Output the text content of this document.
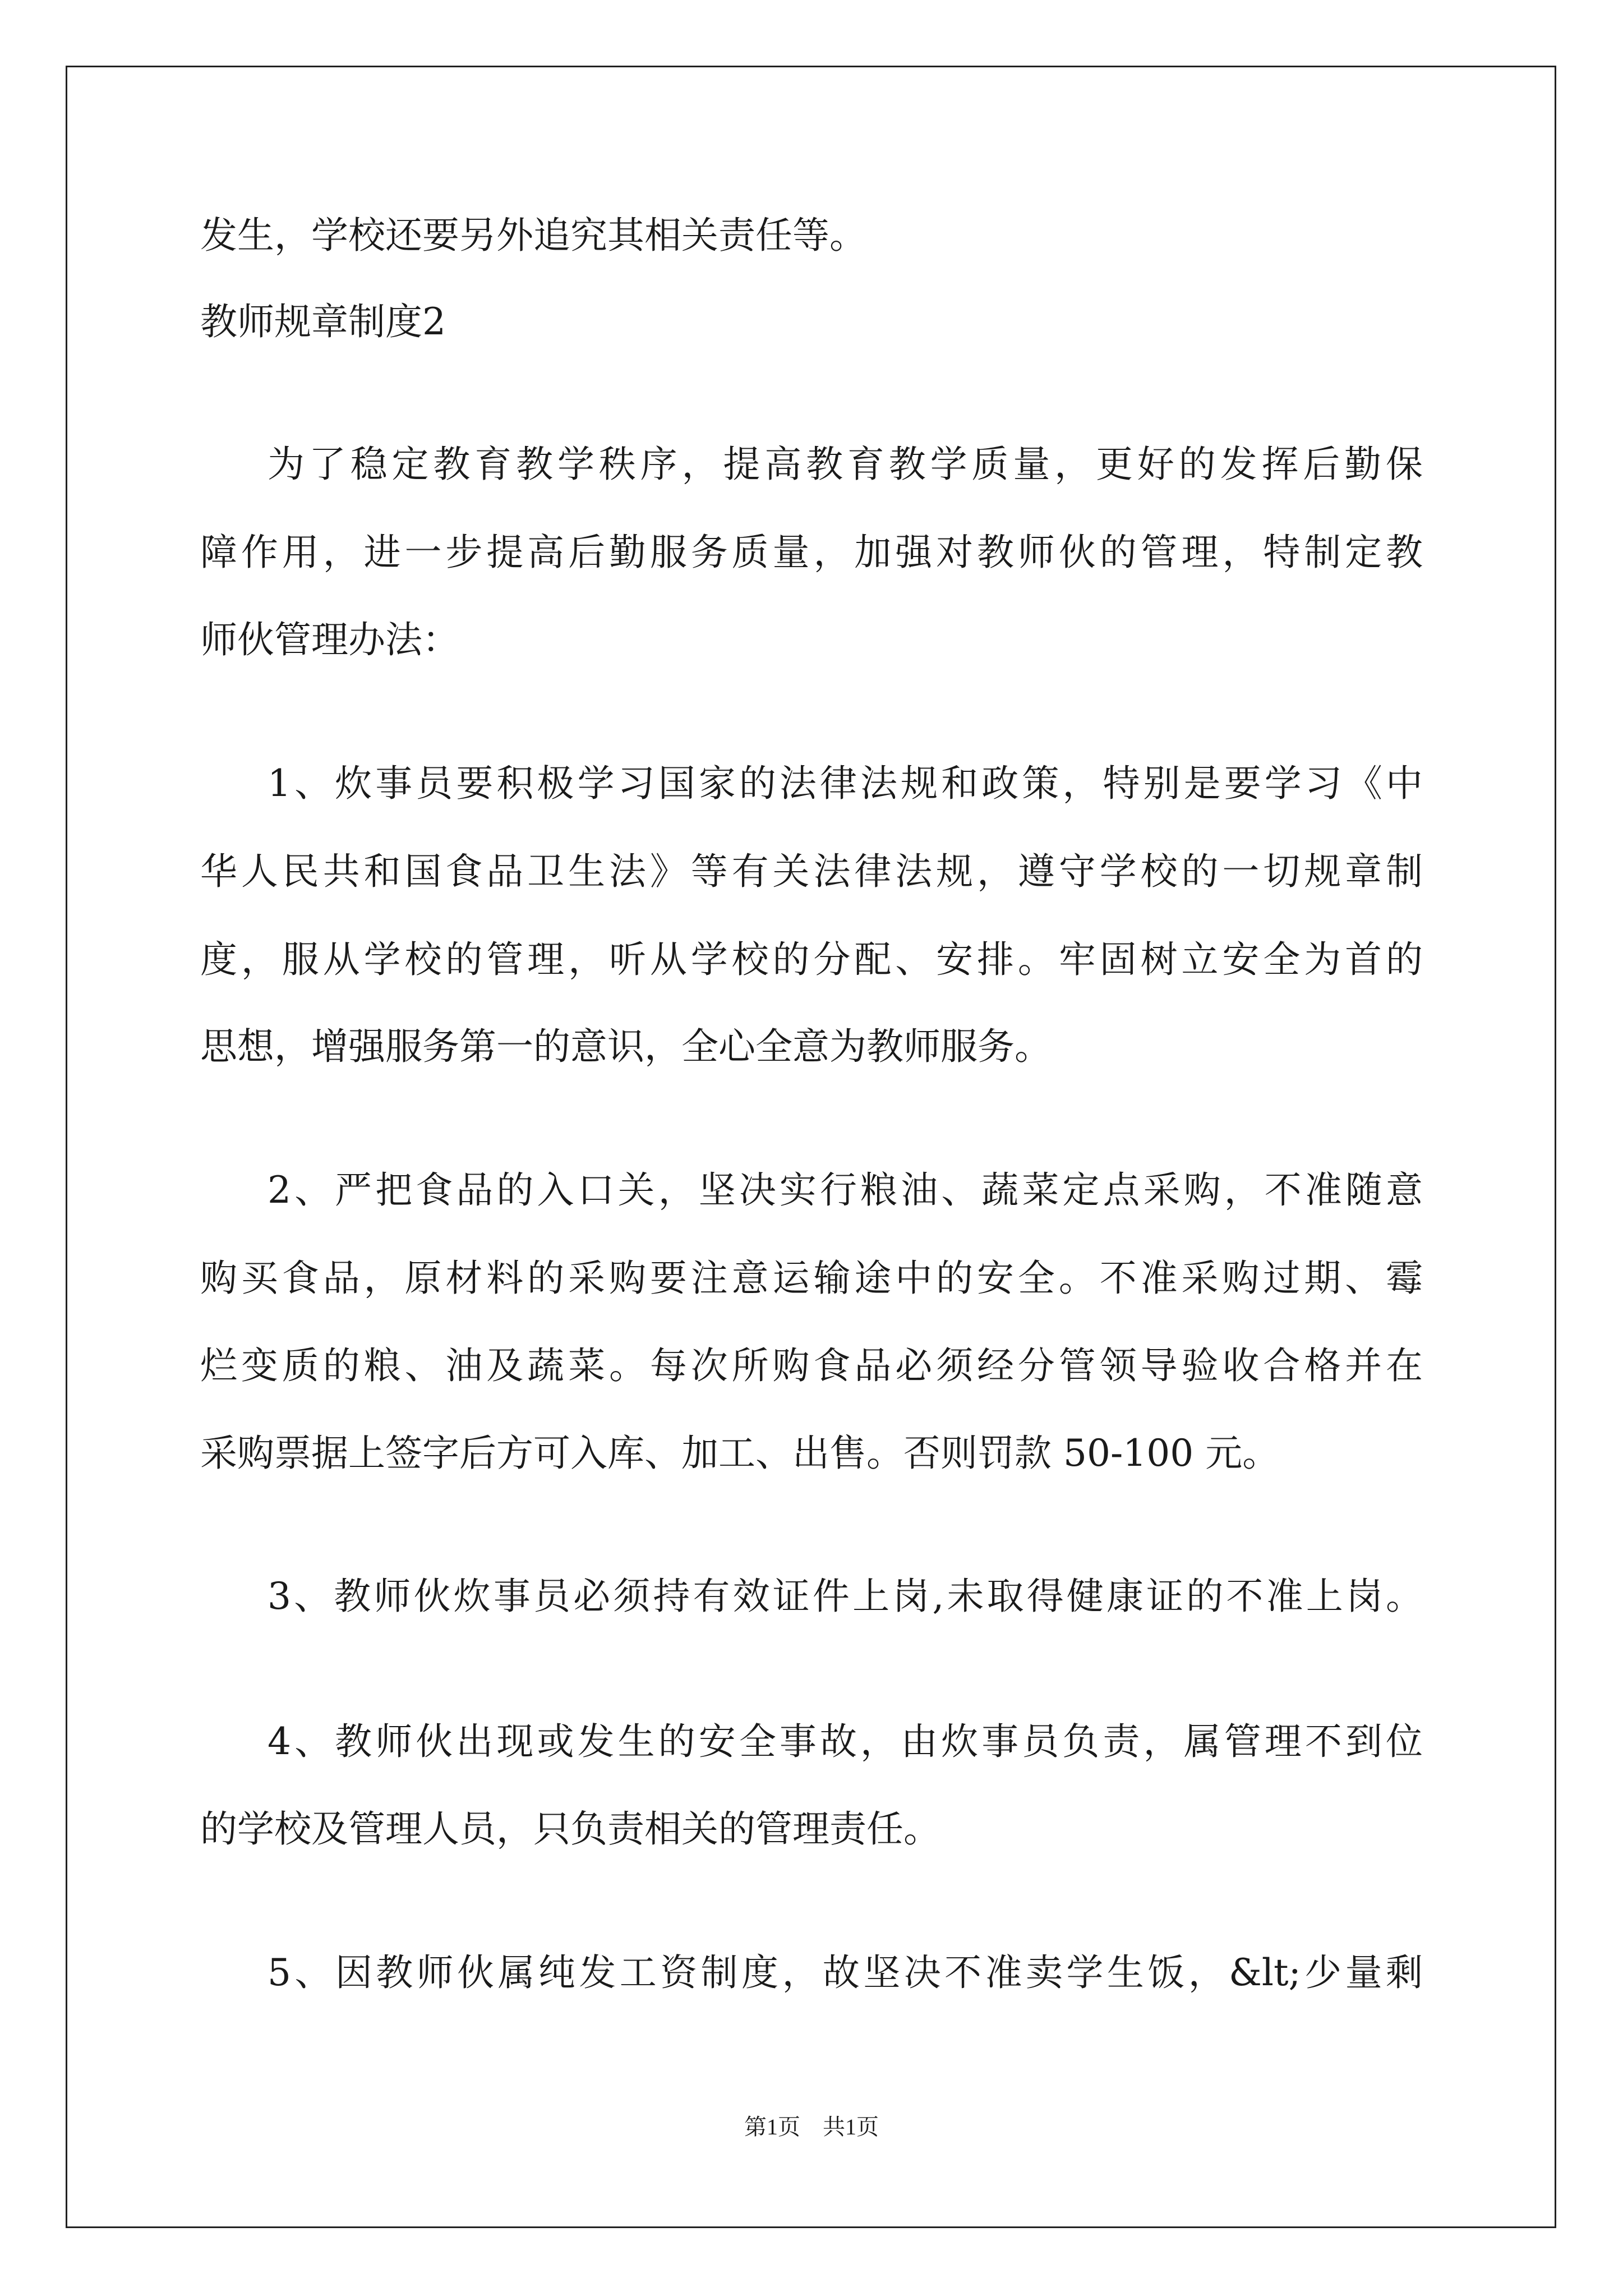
发生，学校还要另外追究其相关责任等。
教师规章制度2
为了稳定教育教学秩序，提高教育教学质量，更好的发挥后勤保
障作用，进一步提高后勤服务质量，加强对教师伙的管理，特制定教
师伙管理办法：
1、炊事员要积极学习国家的法律法规和政策，特别是要学习《中
华人民共和国食品卫生法》等有关法律法规，遵守学校的一切规章制
度，服从学校的管理，听从学校的分配、安排。牢固树立安全为首的
思想，增强服务第一的意识，全心全意为教师服务。
2、严把食品的入口关，坚决实行粮油、蔬菜定点采购，不准随意
购买食品，原材料的采购要注意运输途中的安全。不准采购过期、霉
烂变质的粮、油及蔬菜。每次所购食品必须经分管领导验收合格并在
采购票据上签字后方可入库、加工、出售。否则罚款 50-100 元。
3、教师伙炊事员必须持有效证件上岗,未取得健康证的不准上岗。
4、教师伙出现或发生的安全事故，由炊事员负责，属管理不到位
的学校及管理人员，只负责相关的管理责任。
5、因教师伙属纯发工资制度，故坚决不准卖学生饭，&lt;少量剩
第1页　共1页
